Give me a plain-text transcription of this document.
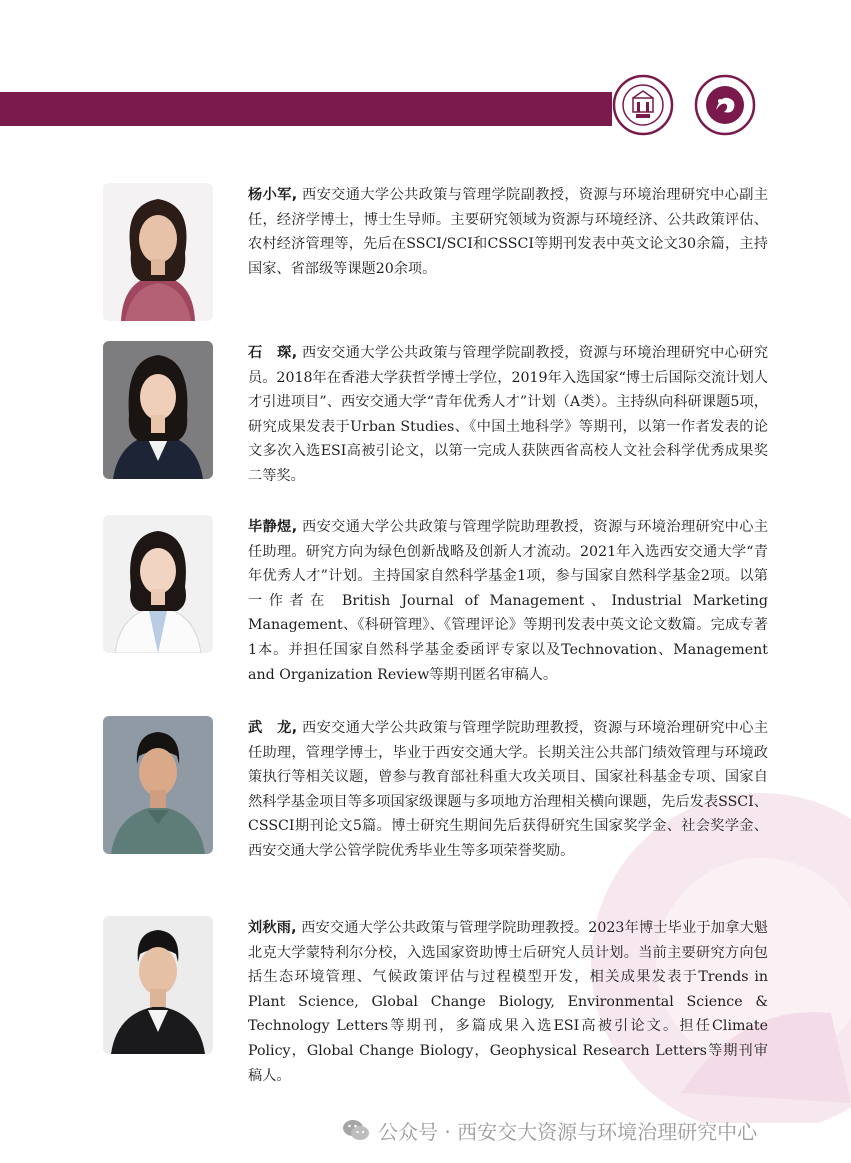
杨小军, 西安交通大学公共政策与管理学院副教授，资源与环境治理研究中心副主任，经济学博士，博士生导师。主要研究领域为资源与环境经济、公共政策评估、农村经济管理等，先后在SSCI/SCI和CSSCI等期刊发表中英文论文30余篇，主持国家、省部级等课题20余项。
石　琛, 西安交通大学公共政策与管理学院副教授，资源与环境治理研究中心研究员。2018年在香港大学获哲学博士学位，2019年入选国家“博士后国际交流计划人才引进项目”、西安交通大学“青年优秀人才”计划（A类）。主持纵向科研课题5项，研究成果发表于Urban Studies、《中国土地科学》等期刊，以第一作者发表的论文多次入选ESI高被引论文，以第一完成人获陕西省高校人文社会科学优秀成果奖二等奖。
毕静煜, 西安交通大学公共政策与管理学院助理教授，资源与环境治理研究中心主任助理。研究方向为绿色创新战略及创新人才流动。2021年入选西安交通大学“青年优秀人才”计划。主持国家自然科学基金1项，参与国家自然科学基金2项。以第一作者在 British Journal of Management、Industrial Marketing Management、《科研管理》、《管理评论》等期刊发表中英文论文数篇。完成专著1本。并担任国家自然科学基金委函评专家以及Technovation、Management and Organization Review等期刊匿名审稿人。
武　龙, 西安交通大学公共政策与管理学院助理教授，资源与环境治理研究中心主任助理，管理学博士，毕业于西安交通大学。长期关注公共部门绩效管理与环境政策执行等相关议题，曾参与教育部社科重大攻关项目、国家社科基金专项、国家自然科学基金项目等多项国家级课题与多项地方治理相关横向课题，先后发表SSCI、CSSCI期刊论文5篇。博士研究生期间先后获得研究生国家奖学金、社会奖学金、西安交通大学公管学院优秀毕业生等多项荣誉奖励。
刘秋雨, 西安交通大学公共政策与管理学院助理教授。2023年博士毕业于加拿大魁北克大学蒙特利尔分校，入选国家资助博士后研究人员计划。当前主要研究方向包括生态环境管理、气候政策评估与过程模型开发，相关成果发表于Trends in Plant Science, Global Change Biology, Environmental Science & Technology Letters等期刊，多篇成果入选ESI高被引论文。担任Climate Policy，Global Change Biology，Geophysical Research Letters等期刊审稿人。
公众号 · 西安交大资源与环境治理研究中心
